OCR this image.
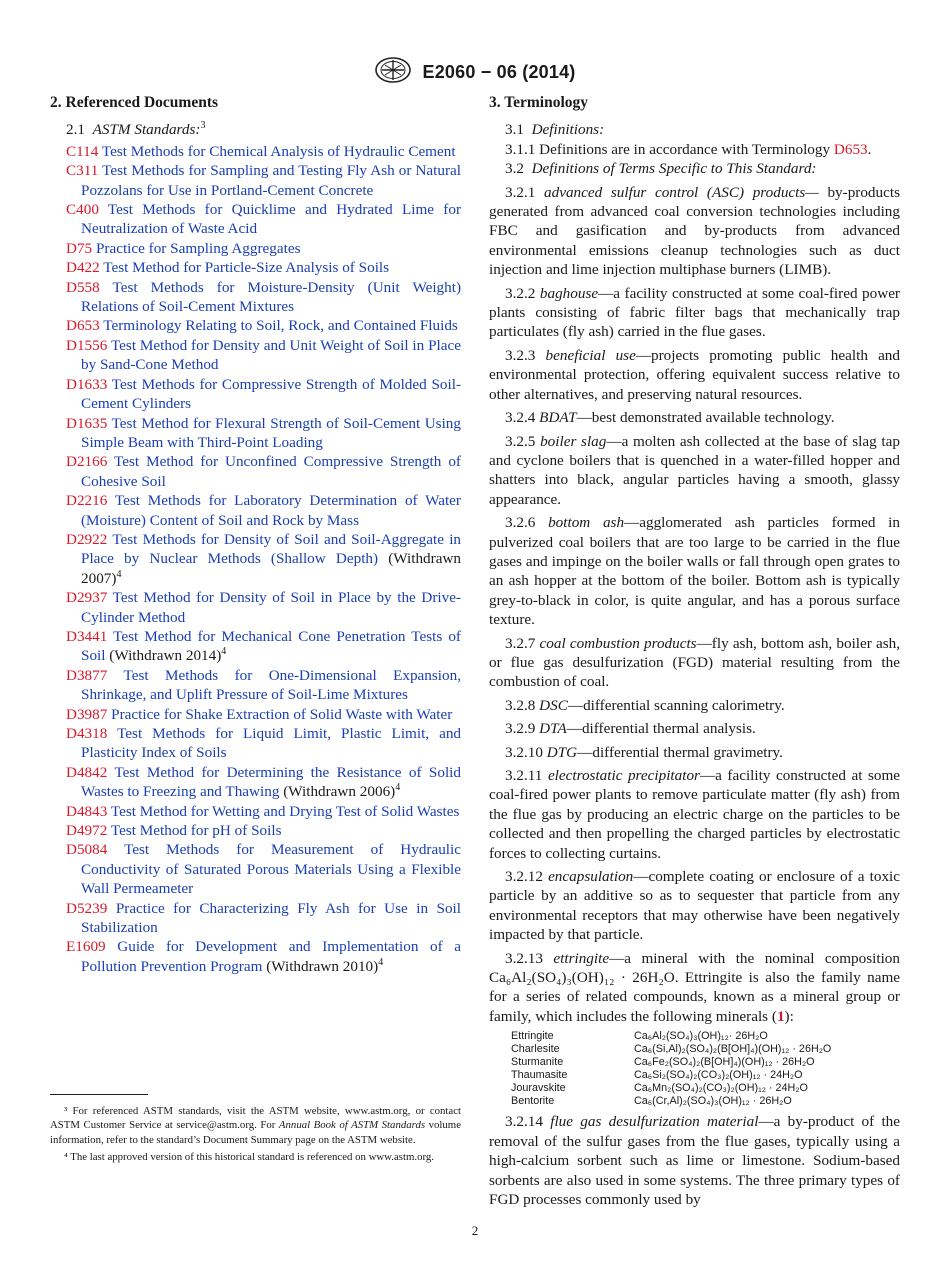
E2060 − 06 (2014)
2. Referenced Documents

2.1 ASTM Standards:$^3$

C114 Test Methods for Chemical Analysis of Hydraulic Cement

C311 Test Methods for Sampling and Testing Fly Ash or Natural Pozzolans for Use in Portland-Cement Concrete

C400 Test Methods for Quicklime and Hydrated Lime for Neutralization of Waste Acid

D75 Practice for Sampling Aggregates

D422 Test Method for Particle-Size Analysis of Soils

D558 Test Methods for Moisture-Density (Unit Weight) Relations of Soil-Cement Mixtures

D653 Terminology Relating to Soil, Rock, and Contained Fluids

D1556 Test Method for Density and Unit Weight of Soil in Place by Sand-Cone Method

D1633 Test Methods for Compressive Strength of Molded Soil-Cement Cylinders

D1635 Test Method for Flexural Strength of Soil-Cement Using Simple Beam with Third-Point Loading

D2166 Test Method for Unconfined Compressive Strength of Cohesive Soil

D2216 Test Methods for Laboratory Determination of Water (Moisture) Content of Soil and Rock by Mass

D2922 Test Methods for Density of Soil and Soil-Aggregate in Place by Nuclear Methods (Shallow Depth) (Withdrawn 2007)$^4$

D2937 Test Method for Density of Soil in Place by the Drive-Cylinder Method

D3441 Test Method for Mechanical Cone Penetration Tests of Soil (Withdrawn 2014)$^4$

D3877 Test Methods for One-Dimensional Expansion, Shrinkage, and Uplift Pressure of Soil-Lime Mixtures

D3987 Practice for Shake Extraction of Solid Waste with Water

D4318 Test Methods for Liquid Limit, Plastic Limit, and Plasticity Index of Soils

D4842 Test Method for Determining the Resistance of Solid Wastes to Freezing and Thawing (Withdrawn 2006)$^4$

D4843 Test Method for Wetting and Drying Test of Solid Wastes

D4972 Test Method for pH of Soils

D5084 Test Methods for Measurement of Hydraulic Conductivity of Saturated Porous Materials Using a Flexible Wall Permeameter

D5239 Practice for Characterizing Fly Ash for Use in Soil Stabilization

E1609 Guide for Development and Implementation of a Pollution Prevention Program (Withdrawn 2010)$^4$

³ For referenced ASTM standards, visit the ASTM website, www.astm.org, or contact ASTM Customer Service at service@astm.org. For Annual Book of ASTM Standards volume information, refer to the standard’s Document Summary page on the ASTM website.

⁴ The last approved version of this historical standard is referenced on www.astm.org.

3. Terminology

3.1 Definitions:

3.1.1 Definitions are in accordance with Terminology D653.

3.2 Definitions of Terms Specific to This Standard:

3.2.1 advanced sulfur control (ASC) products— by-products generated from advanced coal conversion technologies including FBC and gasification and by-products from advanced environmental emissions cleanup technologies such as duct injection and lime injection multiphase burners (LIMB).

3.2.2 baghouse—a facility constructed at some coal-fired power plants consisting of fabric filter bags that mechanically trap particulates (fly ash) carried in the flue gases.

3.2.3 beneficial use—projects promoting public health and environmental protection, offering equivalent success relative to other alternatives, and preserving natural resources.

3.2.4 BDAT—best demonstrated available technology.

3.2.5 boiler slag—a molten ash collected at the base of slag tap and cyclone boilers that is quenched in a water-filled hopper and shatters into black, angular particles having a smooth, glassy appearance.

3.2.6 bottom ash—agglomerated ash particles formed in pulverized coal boilers that are too large to be carried in the flue gases and impinge on the boiler walls or fall through open grates to an ash hopper at the bottom of the boiler. Bottom ash is typically grey-to-black in color, is quite angular, and has a porous surface texture.

3.2.7 coal combustion products—fly ash, bottom ash, boiler ash, or flue gas desulfurization (FGD) material resulting from the combustion of coal.

3.2.8 DSC—differential scanning calorimetry.

3.2.9 DTA—differential thermal analysis.

3.2.10 DTG—differential thermal gravimetry.

3.2.11 electrostatic precipitator—a facility constructed at some coal-fired power plants to remove particulate matter (fly ash) from the flue gas by producing an electric charge on the particles to be collected and then propelling the charged particles by electrostatic forces to collecting curtains.

3.2.12 encapsulation—complete coating or enclosure of a toxic particle by an additive so as to sequester that particle from any environmental receptors that may otherwise have been negatively impacted by that particle.

3.2.13 ettringite—a mineral with the nominal composition Ca₆Al₂(SO₄)₃(OH)₁₂ · 26H₂O. Ettringite is also the family name for a series of related compounds, known as a mineral group or family, which includes the following minerals (1):

Ettringite	Ca₆Al₂(SO₄)₃(OH)₁₂· 26H₂O
Charlesite	Ca₆(Si,Al)₂(SO₄)₂(B[OH]₄)(OH)₁₂ · 26H₂O
Sturmanite	Ca₆Fe₂(SO₄)₂(B[OH]₄)(OH)₁₂ · 26H₂O
Thaumasite	Ca₆Si₂(SO₄)₂(CO₃)₂(OH)₁₂ · 24H₂O
Jouravskite	Ca₆Mn₂(SO₄)₂(CO₃)₂(OH)₁₂ · 24H₂O
Bentorite	Ca₆(Cr,Al)₂(SO₄)₃(OH)₁₂ · 26H₂O

3.2.14 flue gas desulfurization material—a by-product of the removal of the sulfur gases from the flue gases, typically using a high-calcium sorbent such as lime or limestone. Sodium-based sorbents are also used in some systems. The three primary types of FGD processes commonly used by

2
